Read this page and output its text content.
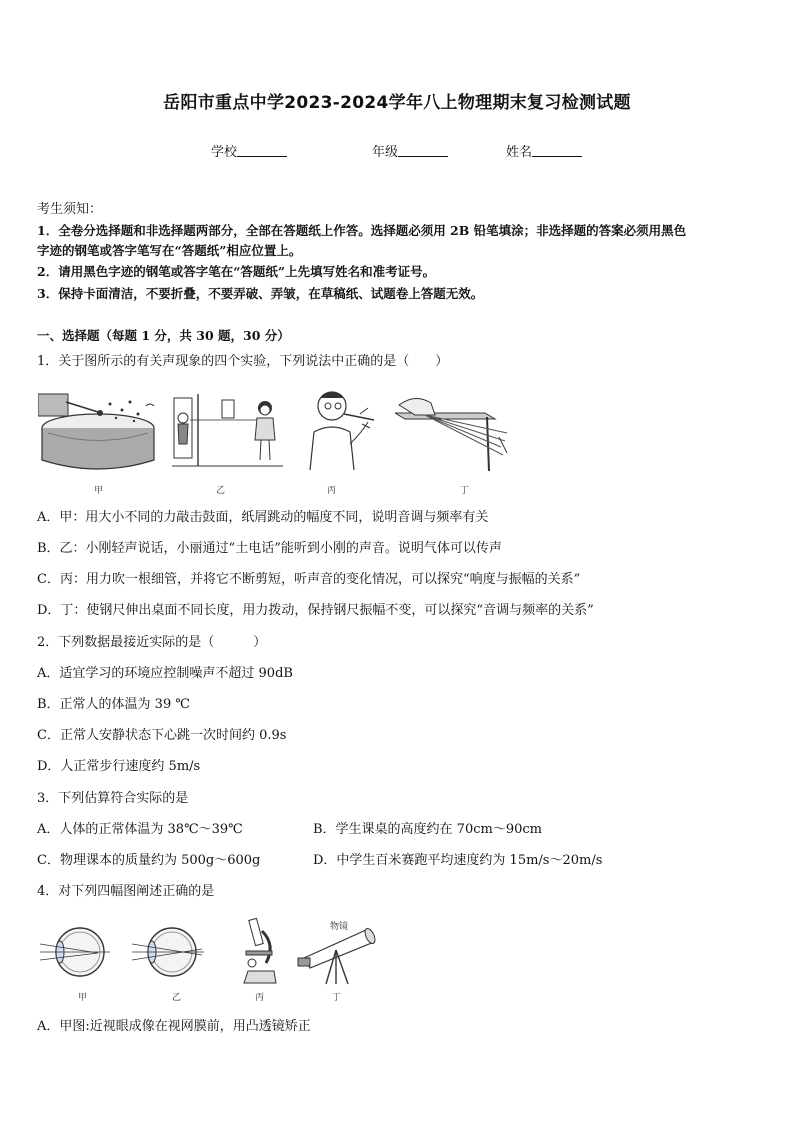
岳阳市重点中学2023-2024学年八上物理期末复习检测试题
学校	年级	姓名
考生须知：
1．全卷分选择题和非选择题两部分，全部在答题纸上作答。选择题必须用 2B 铅笔填涂；非选择题的答案必须用黑色
字迹的钢笔或答字笔写在“答题纸”相应位置上。
2．请用黑色字迹的钢笔或答字笔在“答题纸”上先填写姓名和准考证号。
3．保持卡面清洁，不要折叠，不要弄破、弄皱，在草稿纸、试题卷上答题无效。
一、选择题（每题 1 分，共 30 题，30 分）
1．关于图所示的有关声现象的四个实验，下列说法中正确的是（　　）
甲	乙	丙	丁
A．甲：用大小不同的力敲击鼓面，纸屑跳动的幅度不同，说明音调与频率有关
B．乙：小刚轻声说话，小丽通过“土电话”能听到小刚的声音。说明气体可以传声
C．丙：用力吹一根细管，并将它不断剪短，听声音的变化情况，可以探究“响度与振幅的关系”
D．丁：使钢尺伸出桌面不同长度，用力拨动，保持钢尺振幅不变，可以探究“音调与频率的关系”
2．下列数据最接近实际的是（　　　）
A．适宜学习的环境应控制噪声不超过 90dB
B．正常人的体温为 39 ℃
C．正常人安静状态下心跳一次时间约 0.9s
D．人正常步行速度约 5m/s
3．下列估算符合实际的是
A．人体的正常体温为 38℃～39℃	B．学生课桌的高度约在 70cm～90cm
C．物理课本的质量约为 500g～600g	D．中学生百米赛跑平均速度约为 15m/s～20m/s
4．对下列四幅图阐述正确的是
甲	乙	丙
物镜
丁
A．甲图:近视眼成像在视网膜前，用凸透镜矫正
